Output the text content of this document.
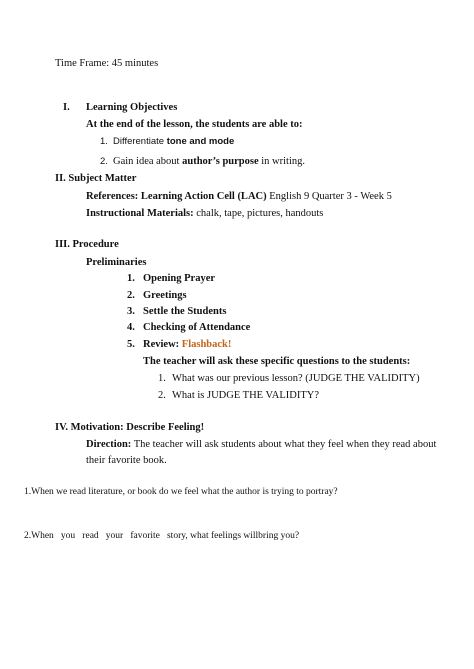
Time Frame: 45 minutes
I. Learning Objectives
At the end of the lesson, the students are able to:
1. Differentiate tone and mode
2. Gain idea about author’s purpose in writing.
II. Subject Matter
References: Learning Action Cell (LAC) English 9 Quarter 3 - Week 5
Instructional Materials: chalk, tape, pictures, handouts
III. Procedure
Preliminaries
1. Opening Prayer
2. Greetings
3. Settle the Students
4. Checking of Attendance
5. Review: Flashback!
The teacher will ask these specific questions to the students:
1. What was our previous lesson? (JUDGE THE VALIDITY)
2. What is JUDGE THE VALIDITY?
IV. Motivation: Describe Feeling!
Direction: The teacher will ask students about what they feel when they read about
their favorite book.
1.When we read literature, or book do we feel what the author is trying to portray?
2.When   you   read   your   favorite   story, what feelings willbring you?
